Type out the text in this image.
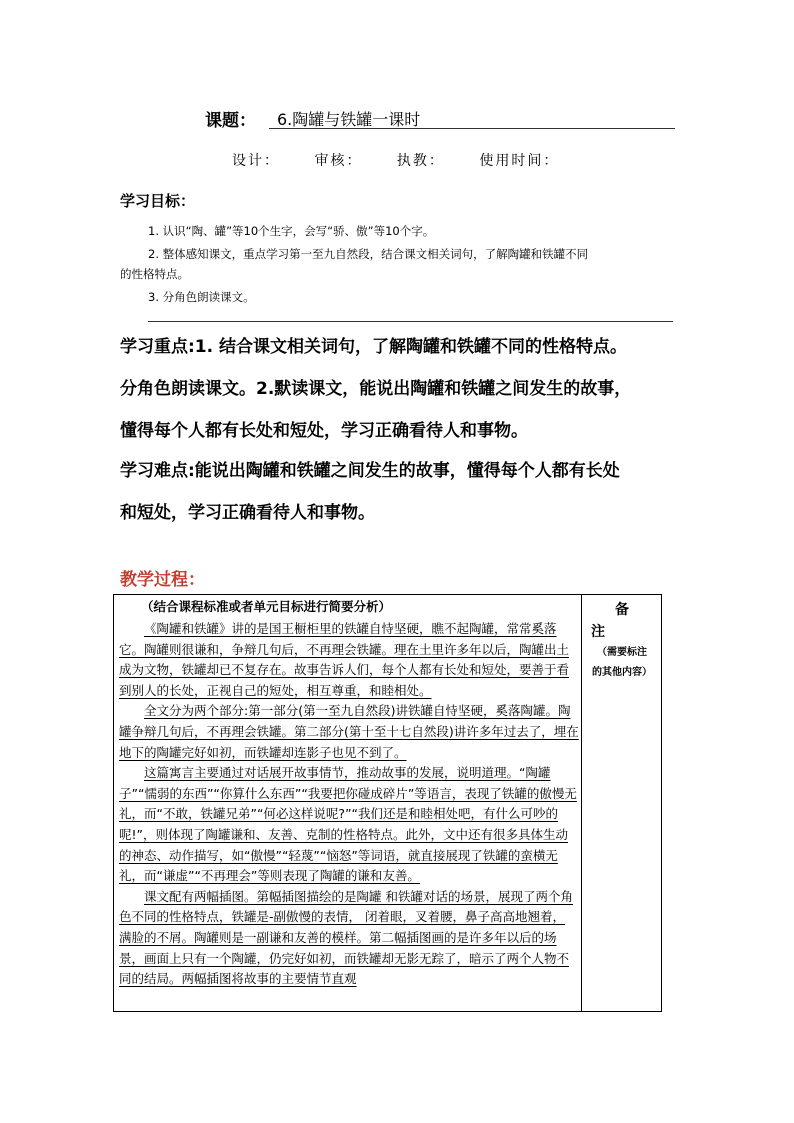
课题： 6.陶罐与铁罐一课时
设计： 审核： 执教： 使用时间：
学习目标：
1. 认识“陶、罐”等10个生字，会写“骄、傲”等10个字。
2. 整体感知课文，重点学习第一至九自然段，结合课文相关词句，了解陶罐和铁罐不同
的性格特点。
3. 分角色朗读课文。
学习重点:1. 结合课文相关词句，了解陶罐和铁罐不同的性格特点。
分角色朗读课文。2.默读课文，能说出陶罐和铁罐之间发生的故事，
懂得每个人都有长处和短处，学习正确看待人和事物。
学习难点:能说出陶罐和铁罐之间发生的故事，懂得每个人都有长处
和短处，学习正确看待人和事物。
教学过程：
（结合课程标准或者单元目标进行简要分析）

《陶罐和铁罐》讲的是国王橱柜里的铁罐自恃坚硬，瞧不起陶罐，常常奚落它。陶罐则很谦和，争辩几句后，不再理会铁罐。理在土里许多年以后，陶罐出土成为文物，铁罐却已不复存在。故事告诉人们，每个人都有长处和短处，要善于看到别人的长处，正视自己的短处，相互尊重，和睦相处。

全文分为两个部分:第一部分(第一至九自然段)讲铁罐自恃坚硬，奚落陶罐。陶罐争辩几句后，不再理会铁罐。第二部分(第十至十七自然段)讲许多年过去了，埋在地下的陶罐完好如初，而铁罐却连影子也见不到了。

这篇寓言主要通过对话展开故事情节，推动故事的发展，说明道理。“陶罐子”“懦弱的东西”“你算什么东西”“我要把你碰成碎片”等语言，表现了铁罐的傲慢无礼，而“不敢，铁罐兄弟”“何必这样说呢?”“我们还是和睦相处吧，有什么可吵的呢!”，则体现了陶罐谦和、友善、克制的性格特点。此外，文中还有很多具体生动的神态、动作描写，如“傲慢”“轻蔑”“恼怒”等词语，就直接展现了铁罐的蛮横无礼，而“谦虚”“不再理会”等则表现了陶罐的谦和友善。

课文配有两幅插图。第幅插图描绘的是陶罐 和铁罐对话的场景，展现了两个角色不同的性格特点，铁罐是-副傲慢的表情， 闭着眼，叉着腰，鼻子高高地翘着， 满脸的不屑。陶罐则是一副谦和友善的模样。第二幅插图画的是许多年以后的场景，画面上只有一个陶罐，仍完好如初，而铁罐却无影无踪了，暗示了两个人物不同的结局。两幅插图将故事的主要情节直观

备
注
（需要标注
的其他内容）
